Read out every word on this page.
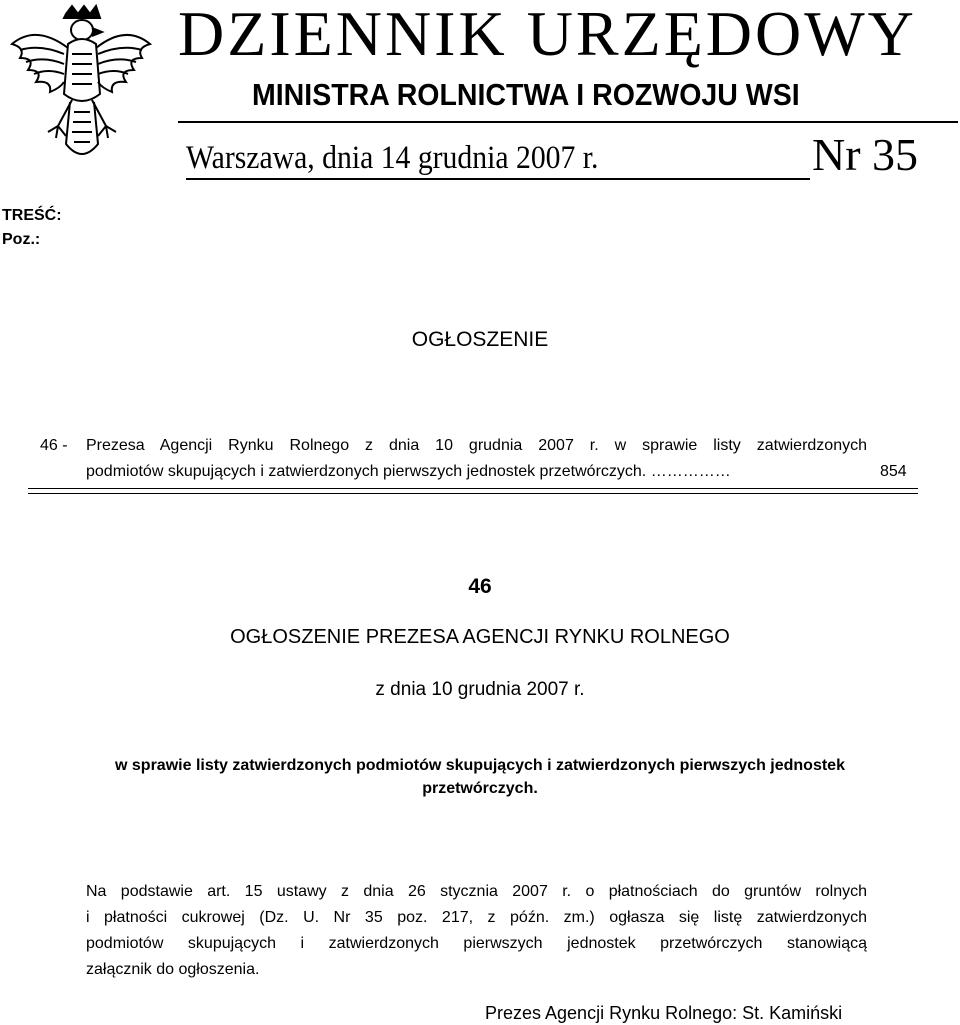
DZIENNIK URZĘDOWY
MINISTRA ROLNICTWA I ROZWOJU WSI
Warszawa, dnia 14 grudnia 2007 r.	Nr 35
TREŚĆ:
Poz.:
OGŁOSZENIE
46 - Prezesa Agencji Rynku Rolnego z dnia 10 grudnia 2007 r. w sprawie listy zatwierdzonych
podmiotów skupujących i zatwierdzonych pierwszych jednostek przetwórczych. ……………	854
46
OGŁOSZENIE PREZESA AGENCJI RYNKU ROLNEGO
z dnia 10 grudnia 2007 r.
w sprawie listy zatwierdzonych podmiotów skupujących i zatwierdzonych pierwszych jednostek przetwórczych.
Na podstawie art. 15 ustawy z dnia 26 stycznia 2007 r. o płatnościach do gruntów rolnych
i płatności cukrowej (Dz. U. Nr 35 poz. 217, z późn. zm.) ogłasza się listę zatwierdzonych
podmiotów skupujących i zatwierdzonych pierwszych jednostek przetwórczych stanowiącą
załącznik do ogłoszenia.
Prezes Agencji Rynku Rolnego: St. Kamiński
